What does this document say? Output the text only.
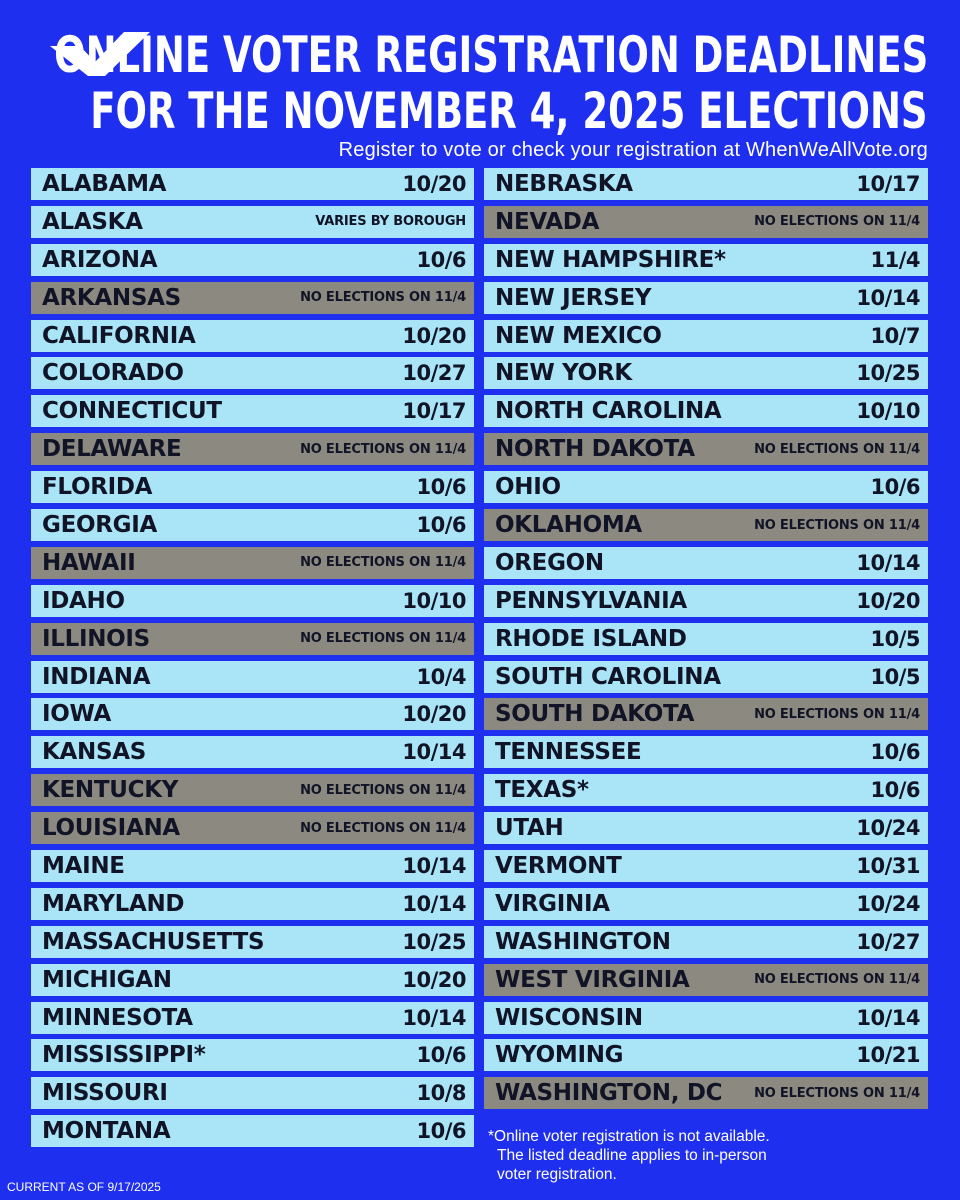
ONLINE VOTER REGISTRATION DEADLINES
FOR THE NOVEMBER 4, 2025 ELECTIONS
Register to vote or check your registration at WhenWeAllVote.org
ALABAMA	10/20
ALASKA	VARIES BY BOROUGH
ARIZONA	10/6
ARKANSAS	NO ELECTIONS ON 11/4
CALIFORNIA	10/20
COLORADO	10/27
CONNECTICUT	10/17
DELAWARE	NO ELECTIONS ON 11/4
FLORIDA	10/6
GEORGIA	10/6
HAWAII	NO ELECTIONS ON 11/4
IDAHO	10/10
ILLINOIS	NO ELECTIONS ON 11/4
INDIANA	10/4
IOWA	10/20
KANSAS	10/14
KENTUCKY	NO ELECTIONS ON 11/4
LOUISIANA	NO ELECTIONS ON 11/4
MAINE	10/14
MARYLAND	10/14
MASSACHUSETTS	10/25
MICHIGAN	10/20
MINNESOTA	10/14
MISSISSIPPI*	10/6
MISSOURI	10/8
MONTANA	10/6
NEBRASKA	10/17
NEVADA	NO ELECTIONS ON 11/4
NEW HAMPSHIRE*	11/4
NEW JERSEY	10/14
NEW MEXICO	10/7
NEW YORK	10/25
NORTH CAROLINA	10/10
NORTH DAKOTA	NO ELECTIONS ON 11/4
OHIO	10/6
OKLAHOMA	NO ELECTIONS ON 11/4
OREGON	10/14
PENNSYLVANIA	10/20
RHODE ISLAND	10/5
SOUTH CAROLINA	10/5
SOUTH DAKOTA	NO ELECTIONS ON 11/4
TENNESSEE	10/6
TEXAS*	10/6
UTAH	10/24
VERMONT	10/31
VIRGINIA	10/24
WASHINGTON	10/27
WEST VIRGINIA	NO ELECTIONS ON 11/4
WISCONSIN	10/14
WYOMING	10/21
WASHINGTON, DC NO ELECTIONS ON 11/4
*Online voter registration is not available.
The listed deadline applies to in-person
voter registration.
CURRENT AS OF 9/17/2025
